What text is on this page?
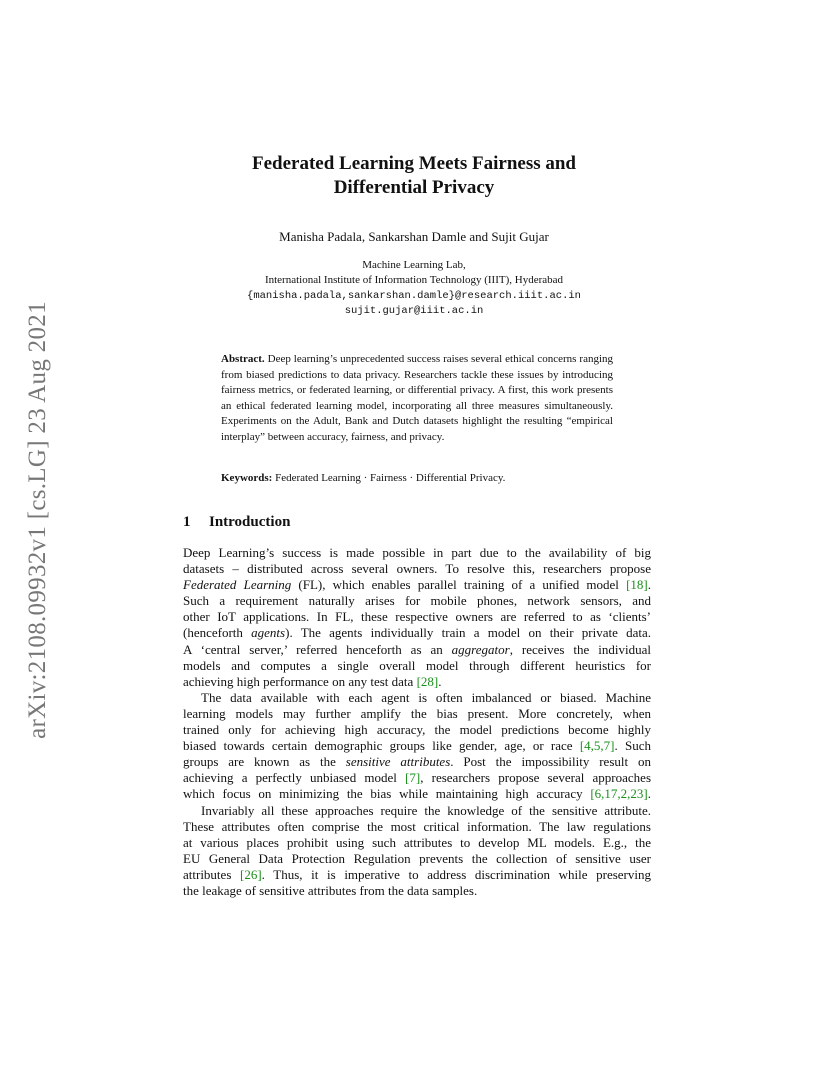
arXiv:2108.09932v1 [cs.LG] 23 Aug 2021
Federated Learning Meets Fairness and
Differential Privacy
Manisha Padala, Sankarshan Damle and Sujit Gujar
Machine Learning Lab,
International Institute of Information Technology (IIIT), Hyderabad
{manisha.padala,sankarshan.damle}@research.iiit.ac.in
sujit.gujar@iiit.ac.in
Abstract. Deep learning’s unprecedented success raises several ethical concerns ranging from biased predictions to data privacy. Researchers tackle these issues by introducing fairness metrics, or federated learning, or differential privacy. A first, this work presents an ethical federated learning model, incorporating all three measures simultaneously. Experiments on the Adult, Bank and Dutch datasets highlight the resulting “empirical interplay” between accuracy, fairness, and privacy.
Keywords: Federated Learning · Fairness · Differential Privacy.
1 Introduction
Deep Learning’s success is made possible in part due to the availability of big
datasets – distributed across several owners. To resolve this, researchers propose
Federated Learning (FL), which enables parallel training of a unified model [18].
Such a requirement naturally arises for mobile phones, network sensors, and
other IoT applications. In FL, these respective owners are referred to as ‘clients’
(henceforth agents). The agents individually train a model on their private data.
A ‘central server,’ referred henceforth as an aggregator, receives the individual
models and computes a single overall model through different heuristics for
achieving high performance on any test data [28].
The data available with each agent is often imbalanced or biased. Machine
learning models may further amplify the bias present. More concretely, when
trained only for achieving high accuracy, the model predictions become highly
biased towards certain demographic groups like gender, age, or race [4,5,7]. Such
groups are known as the sensitive attributes. Post the impossibility result on
achieving a perfectly unbiased model [7], researchers propose several approaches
which focus on minimizing the bias while maintaining high accuracy [6,17,2,23].
Invariably all these approaches require the knowledge of the sensitive attribute.
These attributes often comprise the most critical information. The law regulations
at various places prohibit using such attributes to develop ML models. E.g., the
EU General Data Protection Regulation prevents the collection of sensitive user
attributes [26]. Thus, it is imperative to address discrimination while preserving
the leakage of sensitive attributes from the data samples.
